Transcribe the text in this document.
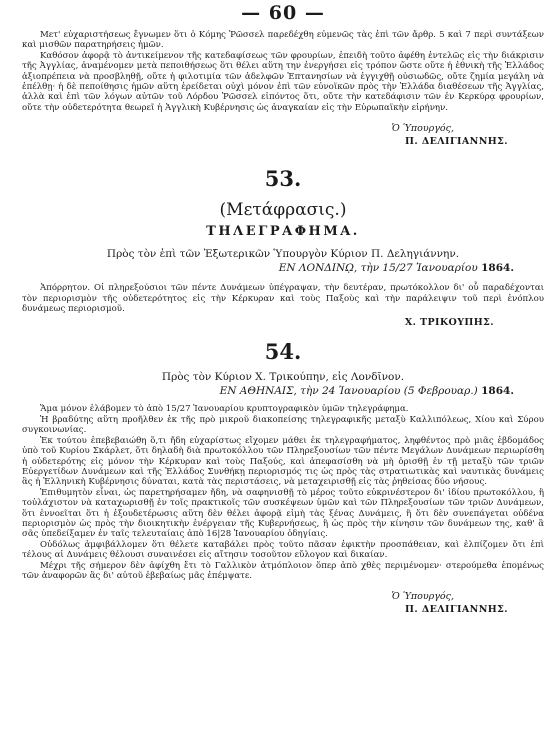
— 60 —

Μετ' εὐχαριστήσεως ἔγνωμεν ὅτι ὁ Κόμης Ῥῶσσελ παρεδέχθη εὐμενῶς τὰς ἐπὶ τῶν ἄρθρ. 5 καὶ 7 περὶ συντάξεων καὶ μισθῶν παρατηρήσεις ἡμῶν.

Καθόσον ἀφορᾷ τὸ ἀντικείμενον τῆς κατεδαφίσεως τῶν φρουρίων, ἐπειδὴ τοῦτο ἀφέθη ἐντελῶς εἰς τὴν διάκρισιν τῆς Ἀγγλίας, ἀναμένομεν μετὰ πεποιθήσεως ὅτι θέλει αὕτη την ἐνεργήσει εἰς τρόπον ὥστε οὔτε ἡ ἐθνικὴ τῆς Ἑλλάδος ἀξιοπρέπεια νὰ προσβληθῇ, οὔτε ἡ φιλοτιμία τῶν ἀδελφῶν Ἑπτανησίων νὰ ἐγγιχθῇ οὐσιωδῶς, οὔτε ζημία μεγάλη νὰ ἐπέλθῃ· ἡ δὲ πεποίθησις ἡμῶν αὕτη ἐρείδεται οὐχὶ μόνον ἐπὶ τῶν εὐνοϊκῶν πρὸς τὴν Ἑλλάδα διαθέσεων τῆς Ἀγγλίας, ἀλλὰ καὶ ἐπὶ τῶν λόγων αὐτῶν τοῦ Λόρδου Ῥῶσσελ εἰπόντος ὅτι, οὔτε τὴν κατεδάφισιν τῶν ἐν Κερκύρᾳ φρουρίων, οὔτε τὴν οὐδετερότητα θεωρεῖ ἡ Ἀγγλικὴ Κυβέρνησις ὡς ἀναγκαίαν εἰς τὴν Εὐρωπαϊκὴν εἰρήνην.

Ὁ Ὑπουργός,
Π. ΔΕΛΙΓΙΑΝΝΗΣ.
53.
(Μετάφρασις.)
ΤΗΛΕΓΡΑΦΗΜΑ.
Πρὸς τὸν ἐπὶ τῶν Ἐξωτερικῶν Ὑπουργὸν Κύριον Π. Δεληγιάννην.
ΕΝ ΛΟΝΔΙΝῼ, τὴν 15/27 Ἰανουαρίου 1864.

Ἀπόρρητον. Οἱ πληρεξούσιοι τῶν πέντε Δυνάμεων ὑπέγραψαν, τὴν δευτέραν, πρωτόκολλον δι' οὗ παραδέχονται τὸν περιορισμὸν τῆς οὐδετερότητος εἰς τὴν Κέρκυραν καὶ τοὺς Παξοὺς καὶ τὴν παράλειψιν τοῦ περὶ ἐνόπλου δυνάμεως περιορισμοῦ.

Χ. ΤΡΙΚΟΥΠΗΣ.
54.
Πρὸς τὸν Κύριον Χ. Τρικούπην, εἰς Λονδῖνον.
ΕΝ ΑΘΗΝΑΙΣ, τὴν 24 Ἰανουαρίου (5 Φεβρουαρ.) 1864.

Ἅμα μόνον ἐλάβομεν τὸ ἀπὸ 15/27 Ἰανουαρίου κρυπτογραφικὸν ὑμῶν τηλεγράφημα.

Ἡ βραδύτης αὕτη προῆλθεν ἐκ τῆς πρὸ μικροῦ διακοπείσης τηλεγραφικῆς μεταξὺ Καλλιπόλεως, Χίου καὶ Σύρου συγκοινωνίας.

Ἐκ τούτου ἐπεβεβαιώθη ὅ,τι ἤδη εὐχαρίστως εἴχομεν μάθει ἐκ τηλεγραφήματος, ληφθέντος πρὸ μιᾶς ἑβδομάδος ὑπὸ τοῦ Κυρίου Σκάρλετ, ὅτι δηλαδὴ διὰ πρωτοκόλλου τῶν Πληρεξουσίων τῶν πέντε Μεγάλων Δυνάμεων περιωρίσθη ἡ οὐδετερότης εἰς μόνον τὴν Κέρκυραν καὶ τοὺς Παξούς, καὶ ἀπεφασίσθη νὰ μὴ ὁρισθῇ ἐν τῇ μεταξὺ τῶν τριῶν Εὐεργετίδων Δυνάμεων καὶ τῆς Ἑλλάδος Συνθήκῃ περιορισμός τις ὡς πρὸς τὰς στρατιωτικὰς καὶ ναυτικὰς δυνάμεις ἃς ἡ Ἑλληνικὴ Κυβέρνησις δύναται, κατὰ τὰς περιστάσεις, νὰ μεταχειρισθῇ εἰς τὰς ῥηθείσας δύο νήσους.

Ἐπιθυμητὸν εἶναι, ὡς παρετηρήσαμεν ἤδη, νὰ σαφηνισθῇ τὸ μέρος τοῦτο εὐκρινέστερον δι' ἰδίου πρωτοκόλλου, ἢ τοὐλάχιστον νὰ καταχωρισθῇ ἐν τοῖς πρακτικοῖς τῶν συσκέψεων ὑμῶν καὶ τῶν Πληρεξουσίων τῶν τριῶν Δυνάμεων, ὅτι ἐννοεῖται ὅτι ἡ ἐξουδετέρωσις αὕτη δὲν θέλει ἀφορᾷ εἰμὴ τὰς ξένας Δυνάμεις, ἢ ὅτι δὲν συνεπάγεται οὐδένα περιορισμὸν ὡς πρὸς τὴν διοικητικὴν ἐνέργειαν τῆς Κυβερνήσεως, ἢ ὡς πρὸς τὴν κίνησιν τῶν δυνάμεων της, καθ' ἃ σᾶς ὑπεδείξαμεν ἐν ταῖς τελευταίαις ἀπὸ 16|28 Ἰανουαρίου ὁδηγίαις.

Οὐδόλως ἀμφιβάλλομεν ὅτι θέλετε καταβάλει πρὸς τοῦτο πᾶσαν ἐφικτὴν προσπάθειαν, καὶ ἐλπίζομεν ὅτι ἐπὶ τέλους αἱ Δυνάμεις θέλουσι συναινέσει εἰς αἴτησιν τοσοῦτον εὔλογον καὶ δικαίαν.

Μέχρι τῆς σήμερον δὲν ἀφίχθη ἔτι τὸ Γαλλικὸν ἀτμόπλοιον ὅπερ ἀπὸ χθὲς περιμένομεν· στερούμεθα ἑπομένως τῶν ἀναφορῶν ἃς δι' αὐτοῦ ἐβεβαίως μᾶς ἐπέμψατε.

Ὁ Ὑπουργός,
Π. ΔΕΛΙΓΙΑΝΝΗΣ.
